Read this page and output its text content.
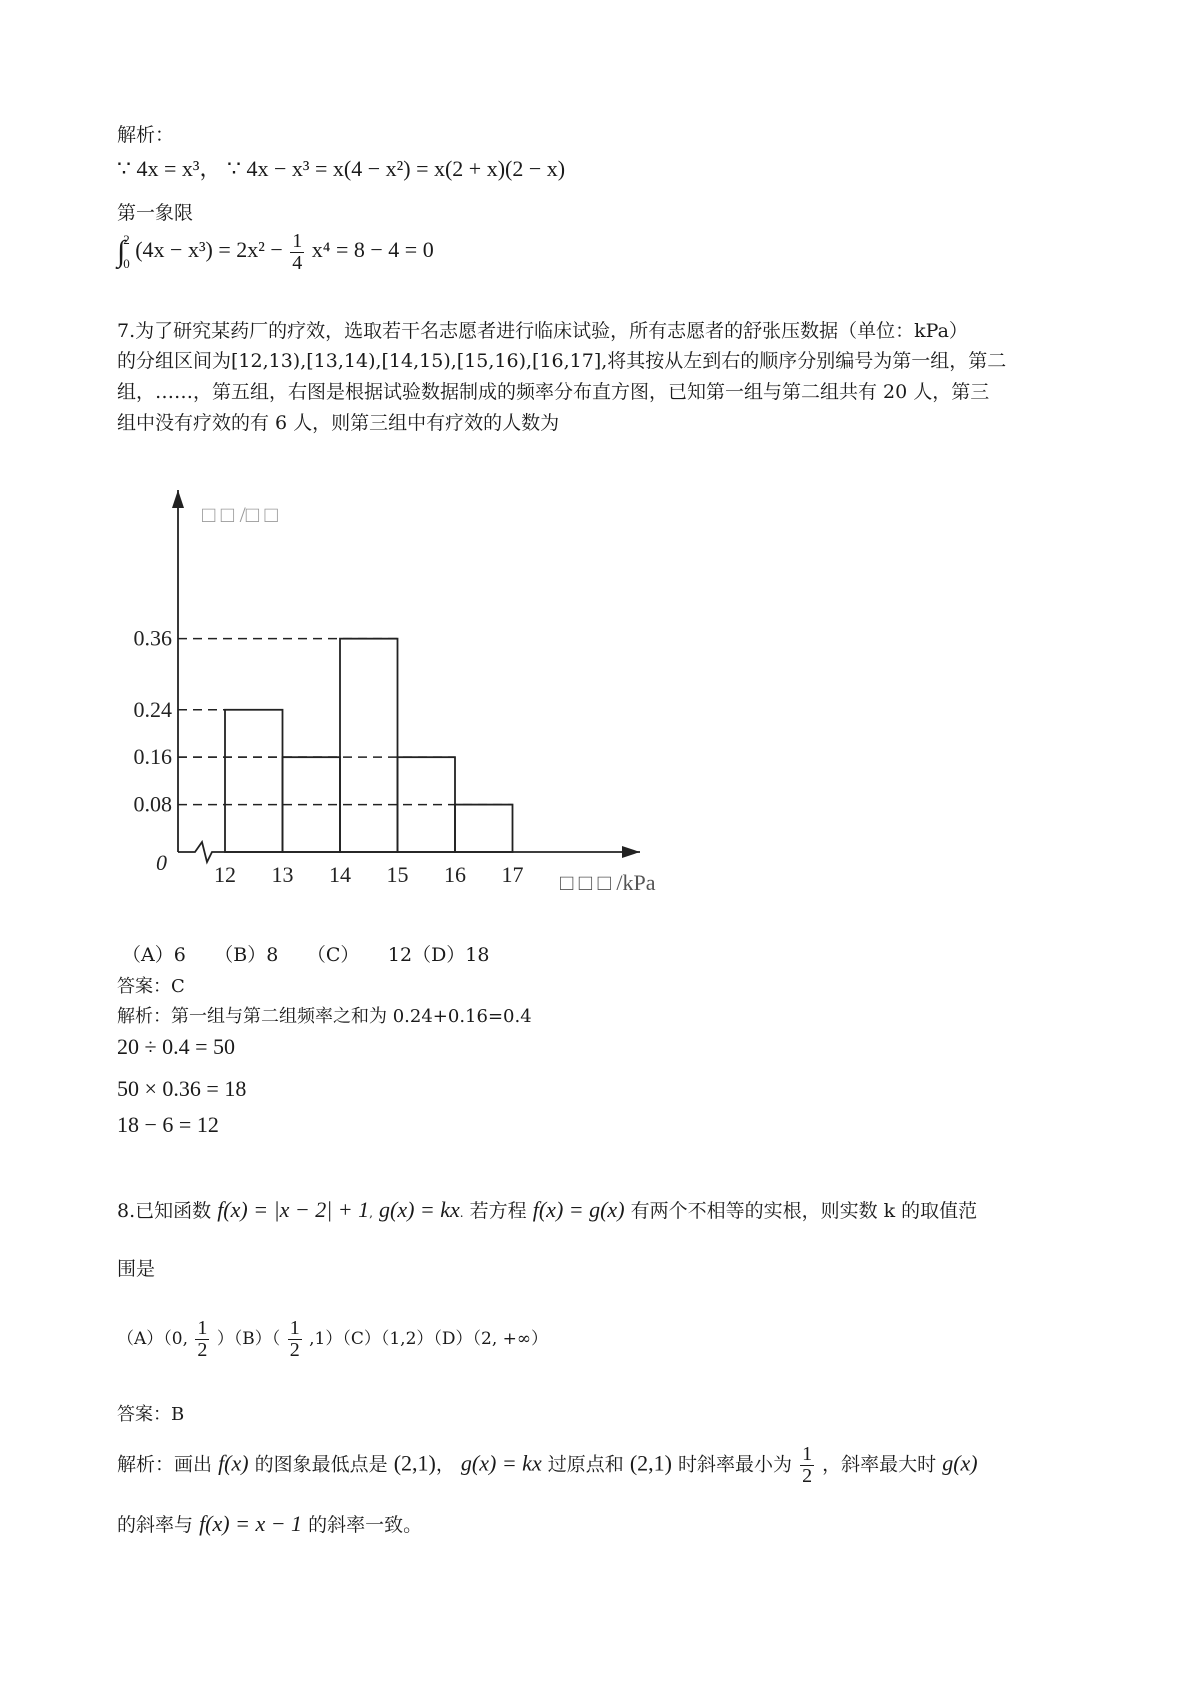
解析：
∵ 4x = x³， ∵ 4x − x³ = x(4 − x²) = x(2 + x)(2 − x)
第一象限
∫
2
0
$(4x - x^3) = 2x^2 - \frac{1}{4} x^4 = 8 - 4 = 0$
7.为了研究某药厂的疗效，选取若干名志愿者进行临床试验，所有志愿者的舒张压数据（单位：kPa）
的分组区间为[12,13),[13,14),[14,15),[15,16),[16,17],将其按从左到右的顺序分别编号为第一组，第二
组，……，第五组，右图是根据试验数据制成的频率分布直方图，已知第一组与第二组共有 20 人，第三
组中没有疗效的有 6 人，则第三组中有疗效的人数为
0.08
0.16
0.24
0.36
12 13 14 15 16 17
0
□ □ /□ □
□ □ □ /kPa
（A）6　　（B）8　　（C）　　12（D）18
答案：C
解析：第一组与第二组频率之和为 0.24+0.16=0.4
20 ÷ 0.4 = 50
50 × 0.36 = 18
18 − 6 = 12
8.已知函数 f(x) = |x − 2| + 1, g(x) = kx. 若方程 f(x) = g(x) 有两个不相等的实根，则实数 k 的取值范
围是
（A）（0, $\frac{1}{2} )(B)( \frac{1}{2} ,1)(C)(1,2)(D)(2$, +∞）
答案：B
解析：画出 f(x) 的图象最低点是 (2,1)， g(x) = kx 过原点和 (2,1) 时斜率最小为 $\frac{1}{2}$ ，斜率最大时 g(x)
的斜率与 f(x) = x − 1 的斜率一致。
